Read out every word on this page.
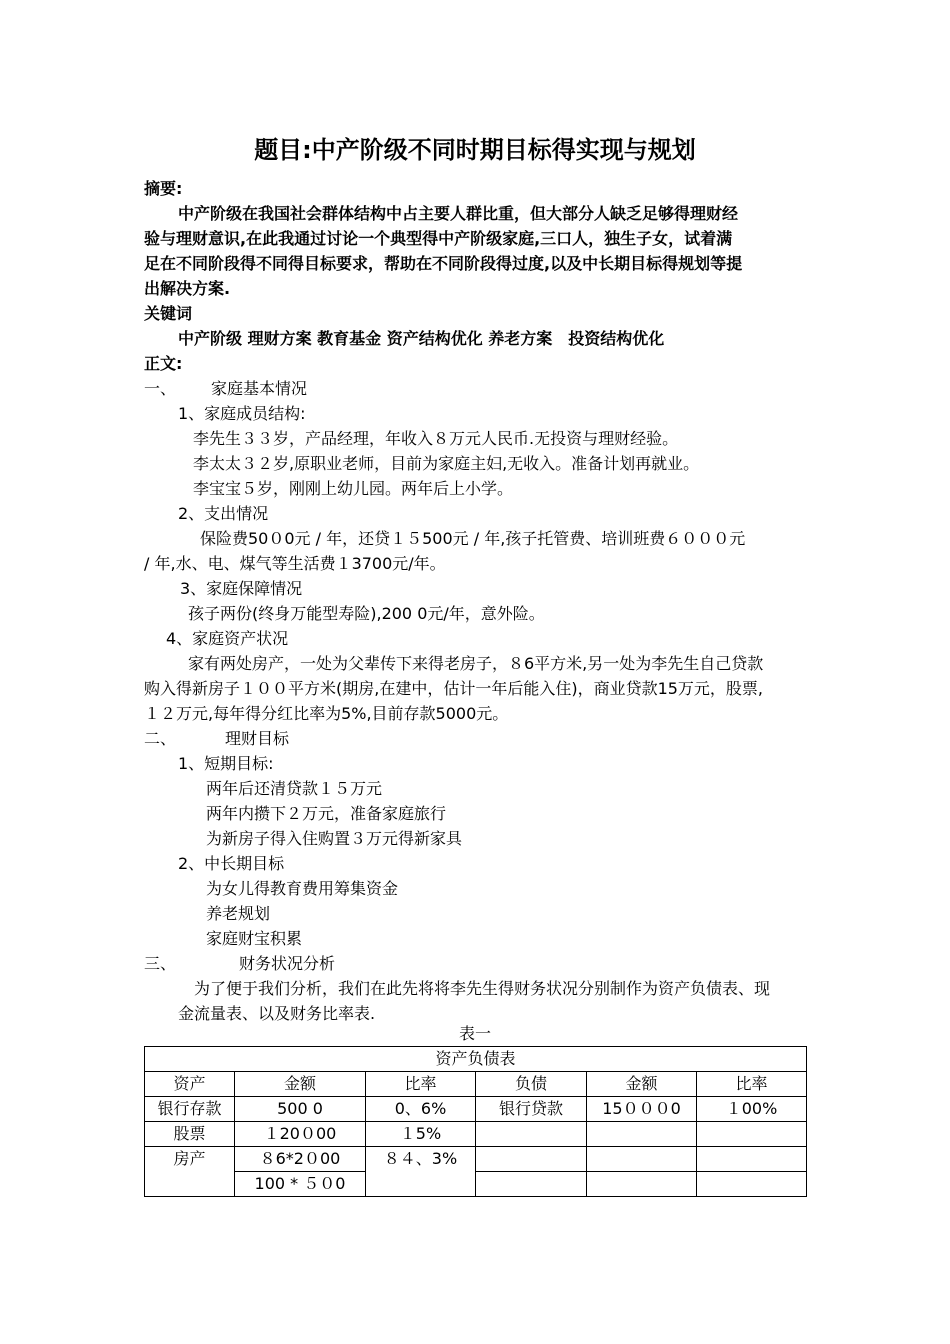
题目:中产阶级不同时期目标得实现与规划
摘要:
中产阶级在我国社会群体结构中占主要人群比重，但大部分人缺乏足够得理财经
验与理财意识,在此我通过讨论一个典型得中产阶级家庭,三口人，独生子女，试着满
足在不同阶段得不同得目标要求，帮助在不同阶段得过度,以及中长期目标得规划等提
出解决方案.
关键词
中产阶级 理财方案 教育基金 资产结构优化 养老方案　投资结构优化
正文:
一、 家庭基本情况
1、家庭成员结构:
李先生３３岁，产品经理，年收入８万元人民币.无投资与理财经验。
李太太３２岁,原职业老师，目前为家庭主妇,无收入。准备计划再就业。
李宝宝５岁，刚刚上幼儿园。两年后上小学。
2、支出情况
保险费50０0元 / 年，还贷１５500元 / 年,孩子托管费、培训班费６０００元
/ 年,水、电、煤气等生活费１3700元/年。
3、家庭保障情况
孩子两份(终身万能型寿险),200 0元/年，意外险。
4、家庭资产状况
家有两处房产，一处为父辈传下来得老房子，８6平方米,另一处为李先生自己贷款
购入得新房子１００平方米(期房,在建中，估计一年后能入住)，商业贷款15万元，股票,
１２万元,每年得分红比率为5%,目前存款5000元。
二、	理财目标
1、短期目标:
两年后还清贷款１５万元
两年内攒下２万元，准备家庭旅行
为新房子得入住购置３万元得新家具
2、中长期目标
为女儿得教育费用筹集资金
养老规划
家庭财宝积累
三、	财务状况分析
为了便于我们分析，我们在此先将将李先生得财务状况分别制作为资产负债表、现
金流量表、以及财务比率表.
表一
资产负债表					
资产	金额	比率	负债	金额	比率
银行存款	500 0	0、6%	银行贷款	15０００0	１00%
股票	１20０00	１5%			
房产	８6*2０00	８４、3%			
	100 * ５０0				
